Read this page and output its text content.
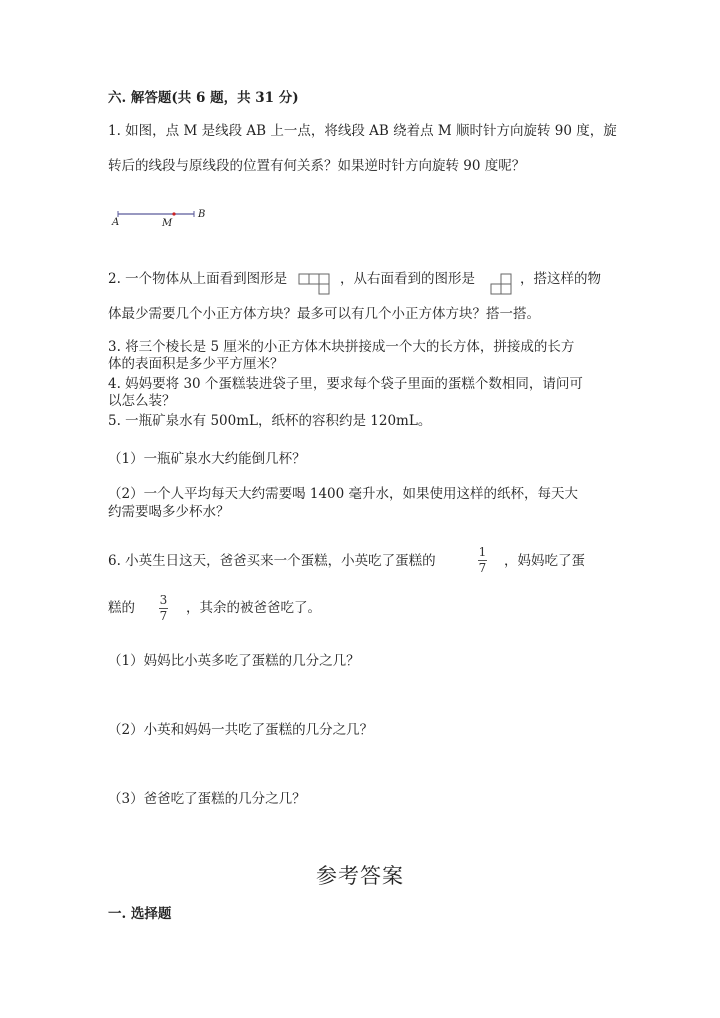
六. 解答题(共 6 题，共 31 分)
1. 如图，点 M 是线段 AB 上一点，将线段 AB 绕着点 M 顺时针方向旋转 90 度，旋
转后的线段与原线段的位置有何关系？如果逆时针方向旋转 90 度呢？
A	M
B
2. 一个物体从上面看到图形是	，从右面看到的图形是	，搭这样的物
体最少需要几个小正方体方块？最多可以有几个小正方体方块？搭一搭。
3. 将三个棱长是 5 厘米的小正方体木块拼接成一个大的长方体，拼接成的长方
体的表面积是多少平方厘米？
4. 妈妈要将 30 个蛋糕装进袋子里，要求每个袋子里面的蛋糕个数相同，请问可
以怎么装？
5. 一瓶矿泉水有 500mL，纸杯的容积约是 120mL。
（1）一瓶矿泉水大约能倒几杯？
（2）一个人平均每天大约需要喝 1400 毫升水，如果使用这样的纸杯，每天大
约需要喝多少杯水？
6. 小英生日这天，爸爸买来一个蛋糕，小英吃了蛋糕的
1
7 ，妈妈吃了蛋
糕的 3
7 ，其余的被爸爸吃了。
（1）妈妈比小英多吃了蛋糕的几分之几？
（2）小英和妈妈一共吃了蛋糕的几分之几？
（3）爸爸吃了蛋糕的几分之几？
参考答案
一. 选择题
